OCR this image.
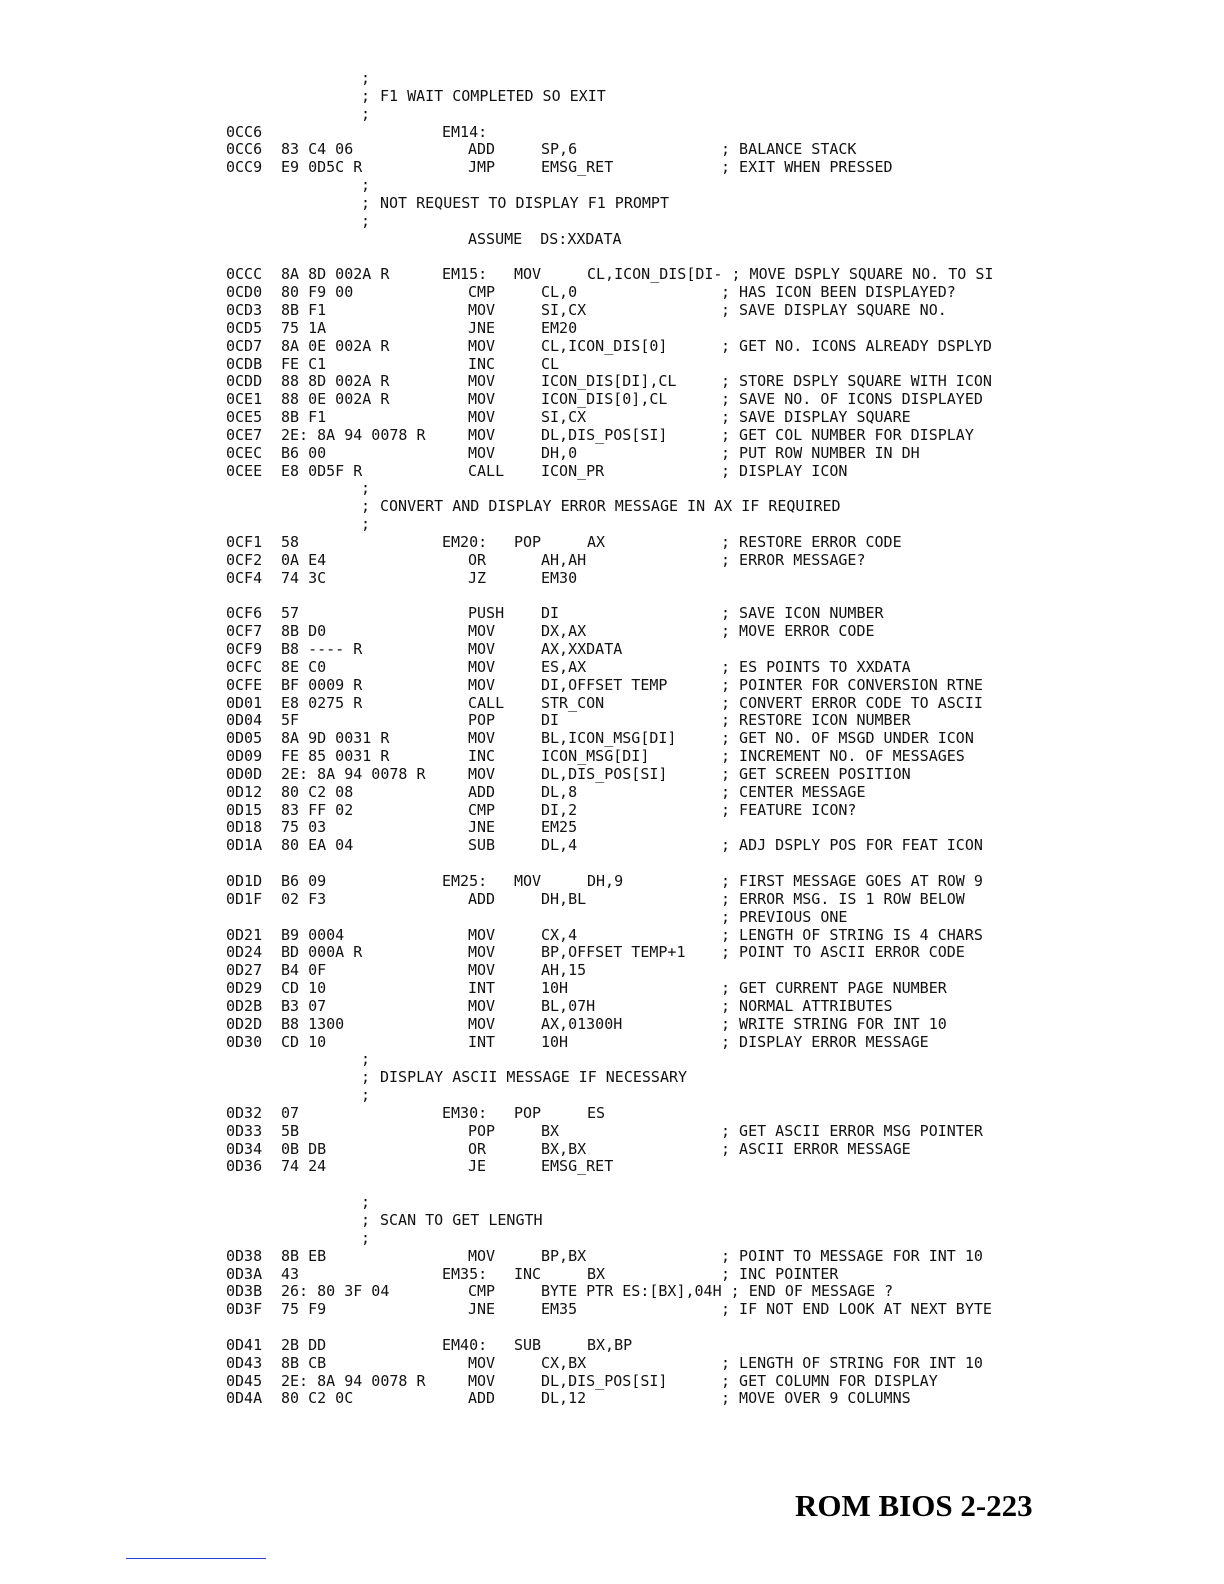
;
; F1 WAIT COMPLETED SO EXIT
;
0CC6	EM14:
0CC6 83 C4 06	ADD	SP,6	; BALANCE STACK
0CC9 E9 0D5C R	JMP	EMSG_RET	; EXIT WHEN PRESSED
;
; NOT REQUEST TO DISPLAY F1 PROMPT
;
ASSUME  DS:XXDATA
0CCC 8A 8D 002A R	EM15: MOV	CL,ICON_DIS[DI- ; MOVE DSPLY SQUARE NO. TO SI
0CD0 80 F9 00	CMP	CL,0	; HAS ICON BEEN DISPLAYED?
0CD3 8B F1	MOV	SI,CX	; SAVE DISPLAY SQUARE NO.
0CD5 75 1A	JNE	EM20
0CD7 8A 0E 002A R	MOV	CL,ICON_DIS[0]	; GET NO. ICONS ALREADY DSPLYD
0CDB FE C1	INC	CL
0CDD 88 8D 002A R	MOV	ICON_DIS[DI],CL	; STORE DSPLY SQUARE WITH ICON
0CE1 88 0E 002A R	MOV	ICON_DIS[0],CL	; SAVE NO. OF ICONS DISPLAYED
0CE5 8B F1	MOV	SI,CX	; SAVE DISPLAY SQUARE
0CE7 2E: 8A 94 0078 R	MOV	DL,DIS_POS[SI]	; GET COL NUMBER FOR DISPLAY
0CEC B6 00	MOV	DH,0	; PUT ROW NUMBER IN DH
0CEE E8 0D5F R	CALL ICON_PR	; DISPLAY ICON
;
; CONVERT AND DISPLAY ERROR MESSAGE IN AX IF REQUIRED
;
0CF1 58	EM20: POP	AX	; RESTORE ERROR CODE
0CF2 0A E4	OR	AH,AH	; ERROR MESSAGE?
0CF4 74 3C	JZ	EM30
0CF6 57	PUSH DI	; SAVE ICON NUMBER
0CF7 8B D0	MOV	DX,AX	; MOVE ERROR CODE
0CF9 B8 ---- R	MOV	AX,XXDATA
0CFC 8E C0	MOV	ES,AX	; ES POINTS TO XXDATA
0CFE BF 0009 R	MOV	DI,OFFSET TEMP	; POINTER FOR CONVERSION RTNE
0D01 E8 0275 R	CALL STR_CON	; CONVERT ERROR CODE TO ASCII
0D04 5F	POP	DI	; RESTORE ICON NUMBER
0D05 8A 9D 0031 R	MOV	BL,ICON_MSG[DI]	; GET NO. OF MSGD UNDER ICON
0D09 FE 85 0031 R	INC	ICON_MSG[DI]	; INCREMENT NO. OF MESSAGES
0D0D 2E: 8A 94 0078 R	MOV	DL,DIS_POS[SI]	; GET SCREEN POSITION
0D12 80 C2 08	ADD	DL,8	; CENTER MESSAGE
0D15 83 FF 02	CMP	DI,2	; FEATURE ICON?
0D18 75 03	JNE	EM25
0D1A 80 EA 04	SUB	DL,4	; ADJ DSPLY POS FOR FEAT ICON
0D1D B6 09	EM25: MOV	DH,9	; FIRST MESSAGE GOES AT ROW 9
0D1F 02 F3	ADD	DH,BL	; ERROR MSG. IS 1 ROW BELOW
; PREVIOUS ONE
0D21 B9 0004	MOV	CX,4	; LENGTH OF STRING IS 4 CHARS
0D24 BD 000A R	MOV	BP,OFFSET TEMP+1 ; POINT TO ASCII ERROR CODE
0D27 B4 0F	MOV	AH,15
0D29 CD 10	INT	10H	; GET CURRENT PAGE NUMBER
0D2B B3 07	MOV	BL,07H	; NORMAL ATTRIBUTES
0D2D B8 1300	MOV	AX,01300H	; WRITE STRING FOR INT 10
0D30 CD 10	INT	10H	; DISPLAY ERROR MESSAGE
;
; DISPLAY ASCII MESSAGE IF NECESSARY
;
0D32 07	EM30: POP	ES
0D33 5B	POP	BX	; GET ASCII ERROR MSG POINTER
0D34 0B DB	OR	BX,BX	; ASCII ERROR MESSAGE
0D36 74 24	JE	EMSG_RET
;
; SCAN TO GET LENGTH
;
0D38 8B EB	MOV	BP,BX	; POINT TO MESSAGE FOR INT 10
0D3A 43	EM35: INC	BX	; INC POINTER
0D3B 26: 80 3F 04	CMP	BYTE PTR ES:[BX],04H ; END OF MESSAGE ?
0D3F 75 F9	JNE	EM35	; IF NOT END LOOK AT NEXT BYTE
0D41 2B DD	EM40: SUB	BX,BP
0D43 8B CB	MOV	CX,BX	; LENGTH OF STRING FOR INT 10
0D45 2E: 8A 94 0078 R	MOV	DL,DIS_POS[SI]	; GET COLUMN FOR DISPLAY
0D4A 80 C2 0C	ADD	DL,12	; MOVE OVER 9 COLUMNS
ROM BIOS 2-223
